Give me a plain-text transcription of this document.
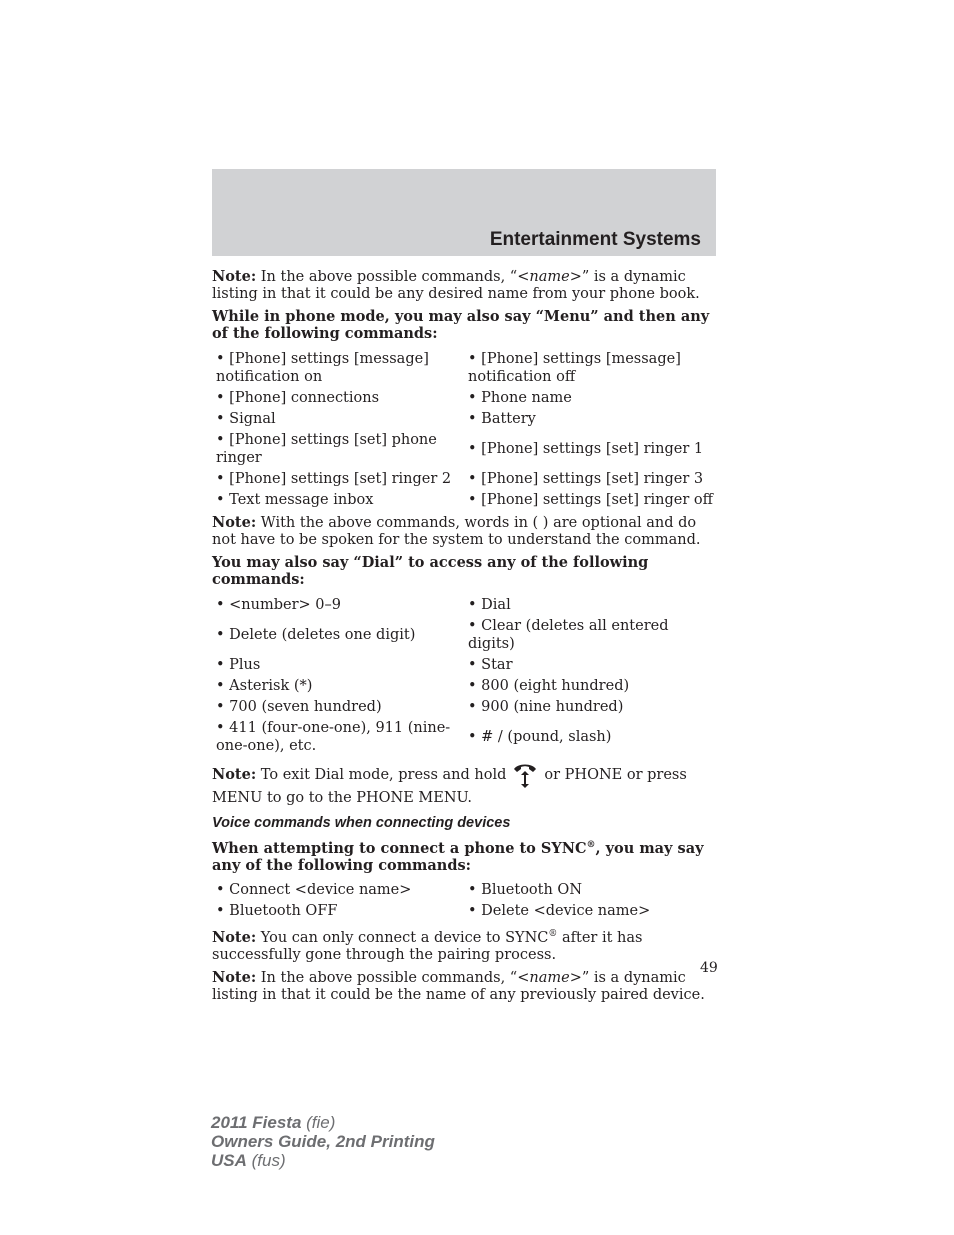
Entertainment Systems

Note: In the above possible commands, “<name>” is a dynamic listing in that it could be any desired name from your phone book.

While in phone mode, you may also say “Menu” and then any of the following commands:

• [Phone] settings [message] notification on	• [Phone] settings [message] notification off
• [Phone] connections	• Phone name
• Signal	• Battery
• [Phone] settings [set] phone ringer	• [Phone] settings [set] ringer 1
• [Phone] settings [set] ringer 2	• [Phone] settings [set] ringer 3
• Text message inbox	• [Phone] settings [set] ringer off

Note: With the above commands, words in ( ) are optional and do not have to be spoken for the system to understand the command.

You may also say “Dial” to access any of the following commands:

• <number> 0–9	• Dial
• Delete (deletes one digit)	• Clear (deletes all entered digits)
• Plus	• Star
• Asterisk (*)	• 800 (eight hundred)
• 700 (seven hundred)	• 900 (nine hundred)
• 411 (four-one-one), 911 (nine-one-one), etc.	• # / (pound, slash)

Note: To exit Dial mode, press and hold	or PHONE or press MENU to go to the PHONE MENU.

Voice commands when connecting devices

When attempting to connect a phone to SYNC®, you may say any of the following commands:

• Connect <device name>	• Bluetooth ON
• Bluetooth OFF	• Delete <device name>

Note: You can only connect a device to SYNC® after it has successfully gone through the pairing process.

Note: In the above possible commands, “<name>” is a dynamic listing in that it could be the name of any previously paired device.

49
2011 Fiesta (fie)
Owners Guide, 2nd Printing
USA (fus)
